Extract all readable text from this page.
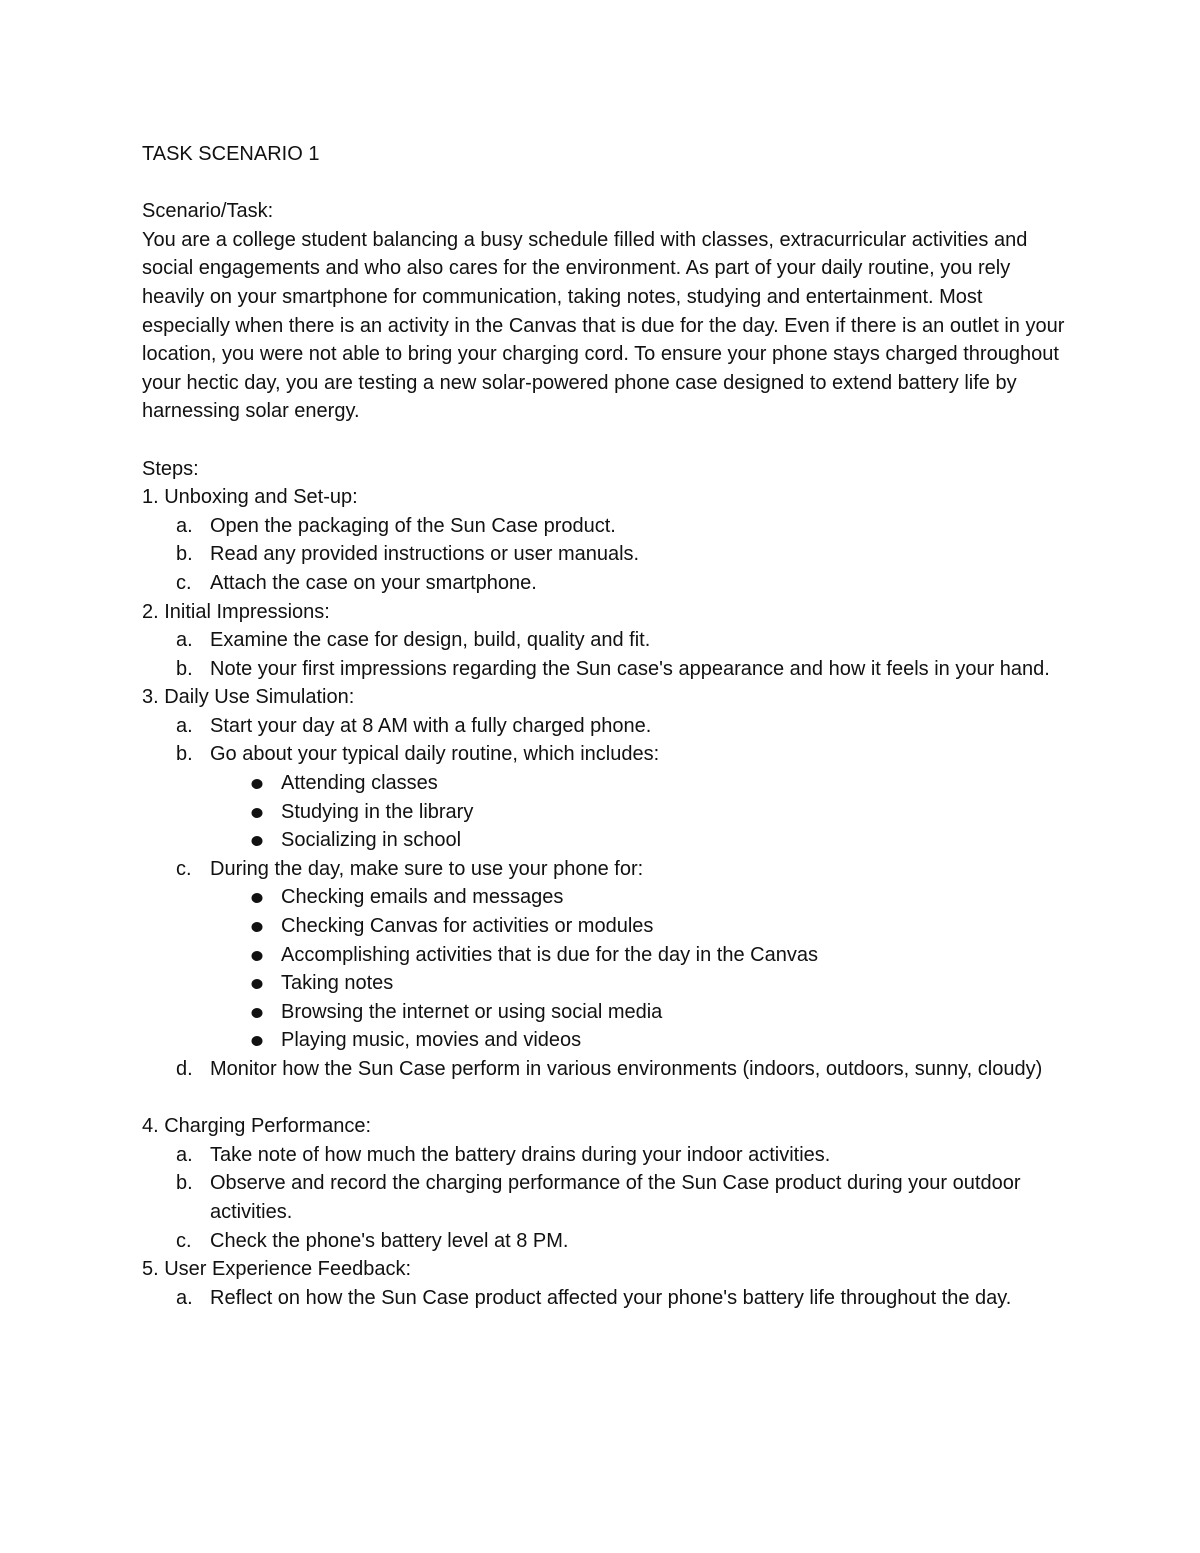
TASK SCENARIO 1

Scenario/Task:

You are a college student balancing a busy schedule filled with classes, extracurricular activities and social engagements and who also cares for the environment. As part of your daily routine, you rely heavily on your smartphone for communication, taking notes, studying and entertainment. Most especially when there is an activity in the Canvas that is due for the day. Even if there is an outlet in your location, you were not able to bring your charging cord. To ensure your phone stays charged throughout your hectic day, you are testing a new solar-powered phone case designed to extend battery life by harnessing solar energy.

Steps:

1. Unboxing and Set-up:

a. Open the packaging of the Sun Case product.
b. Read any provided instructions or user manuals.
c. Attach the case on your smartphone.

2. Initial Impressions:

a. Examine the case for design, build, quality and fit.
b. Note your first impressions regarding the Sun case's appearance and how it feels in your hand.

3. Daily Use Simulation:

a. Start your day at 8 AM with a fully charged phone.
b. Go about your typical daily routine, which includes:
Attending classes
Studying in the library
Socializing in school
c. During the day, make sure to use your phone for:
Checking emails and messages
Checking Canvas for activities or modules
Accomplishing activities that is due for the day in the Canvas
Taking notes
Browsing the internet or using social media
Playing music, movies and videos
d. Monitor how the Sun Case perform in various environments (indoors, outdoors, sunny, cloudy)

4. Charging Performance:

a. Take note of how much the battery drains during your indoor activities.
b. Observe and record the charging performance of the Sun Case product during your outdoor activities.
c. Check the phone's battery level at 8 PM.

5. User Experience Feedback:

a. Reflect on how the Sun Case product affected your phone's battery life throughout the day.
